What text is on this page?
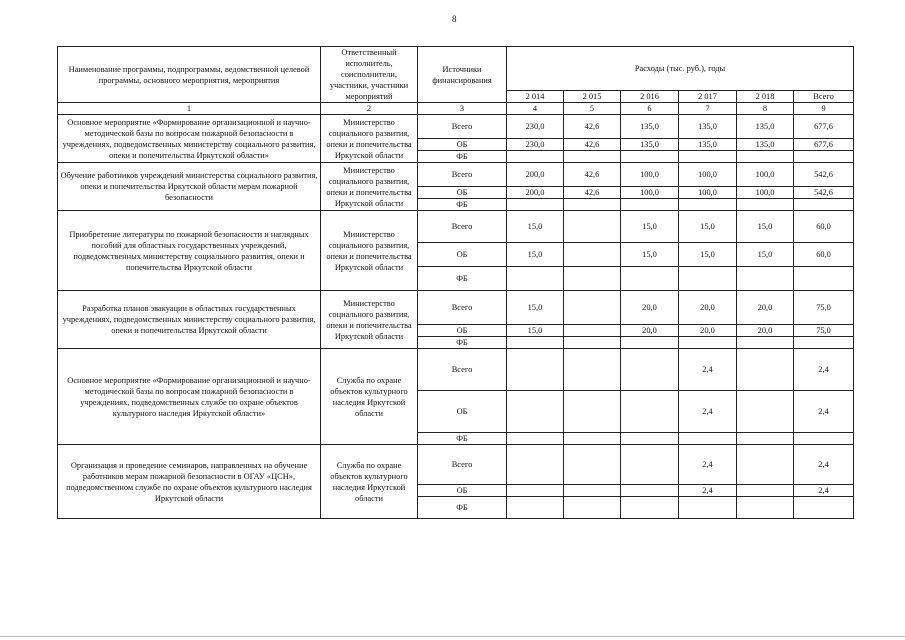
8
Наименование программы, подпрограммы, ведомственной целевой программы, основного мероприятия, мероприятия	Ответственный исполнитель, соисполнители, участники, участники мероприятий	Источники финансирования	Расходы (тыс. руб.), годы					
			2 014	2 015	2 016	2 017	2 018	Всего
1	2	3	4	5	6	7	8	9
Основное мероприятие «Формирование организационной и научно-методической базы по вопросам пожарной безопасности в учреждениях, подведомственных министерству социального развития, опеки и попечительства Иркутской области»	Министерство социального развития, опеки и попечительства Иркутской области	Всего	230,0	42,6	135,0	135,0	135,0	677,6
		ОБ	230,0	42,6	135,0	135,0	135,0	677,6
		ФБ						
Обучение работников учреждений министерства социального развития, опеки и попечительства Иркутской области мерам пожарной безопасности	Министерство социального развития, опеки и попечительства Иркутской области	Всего	200,0	42,6	100,0	100,0	100,0	542,6
		ОБ	200,0	42,6	100,0	100,0	100,0	542,6
		ФБ						
Приобретение литературы по пожарной безопасности и наглядных пособий для областных государственных учреждений, подведомственных министерству социального развития, опеки и попечительства Иркутской области	Министерство социального развития, опеки и попечительства Иркутской области	Всего	15,0		15,0	15,0	15,0	60,0
		ОБ	15,0		15,0	15,0	15,0	60,0
		ФБ						
Разработка планов эвакуации в областных государственных учреждениях, подведомственных министерству социального развития, опеки и попечительства Иркутской области	Министерство социального развития, опеки и попечительства Иркутской области	Всего	15,0		20,0	20,0	20,0	75,0
		ОБ	15,0		20,0	20,0	20,0	75,0
		ФБ						
Основное мероприятие «Формирование организационной и научно-методической базы по вопросам пожарной безопасности в учреждениях, подведомственных службе по охране объектов культурного наследия Иркутской области»	Служба по охране объектов культурного наследия Иркутской области	Всего				2,4		2,4
		ОБ				2,4		2,4
		ФБ						
Организация и проведение семинаров, направленных на обучение работников мерам пожарной безопасности в ОГАУ «ЦСН», подведомственном службе по охране объектов культурного наследия Иркутской области	Служба по охране объектов культурного наследия Иркутской области	Всего				2,4		2,4
		ОБ				2,4		2,4
		ФБ						
